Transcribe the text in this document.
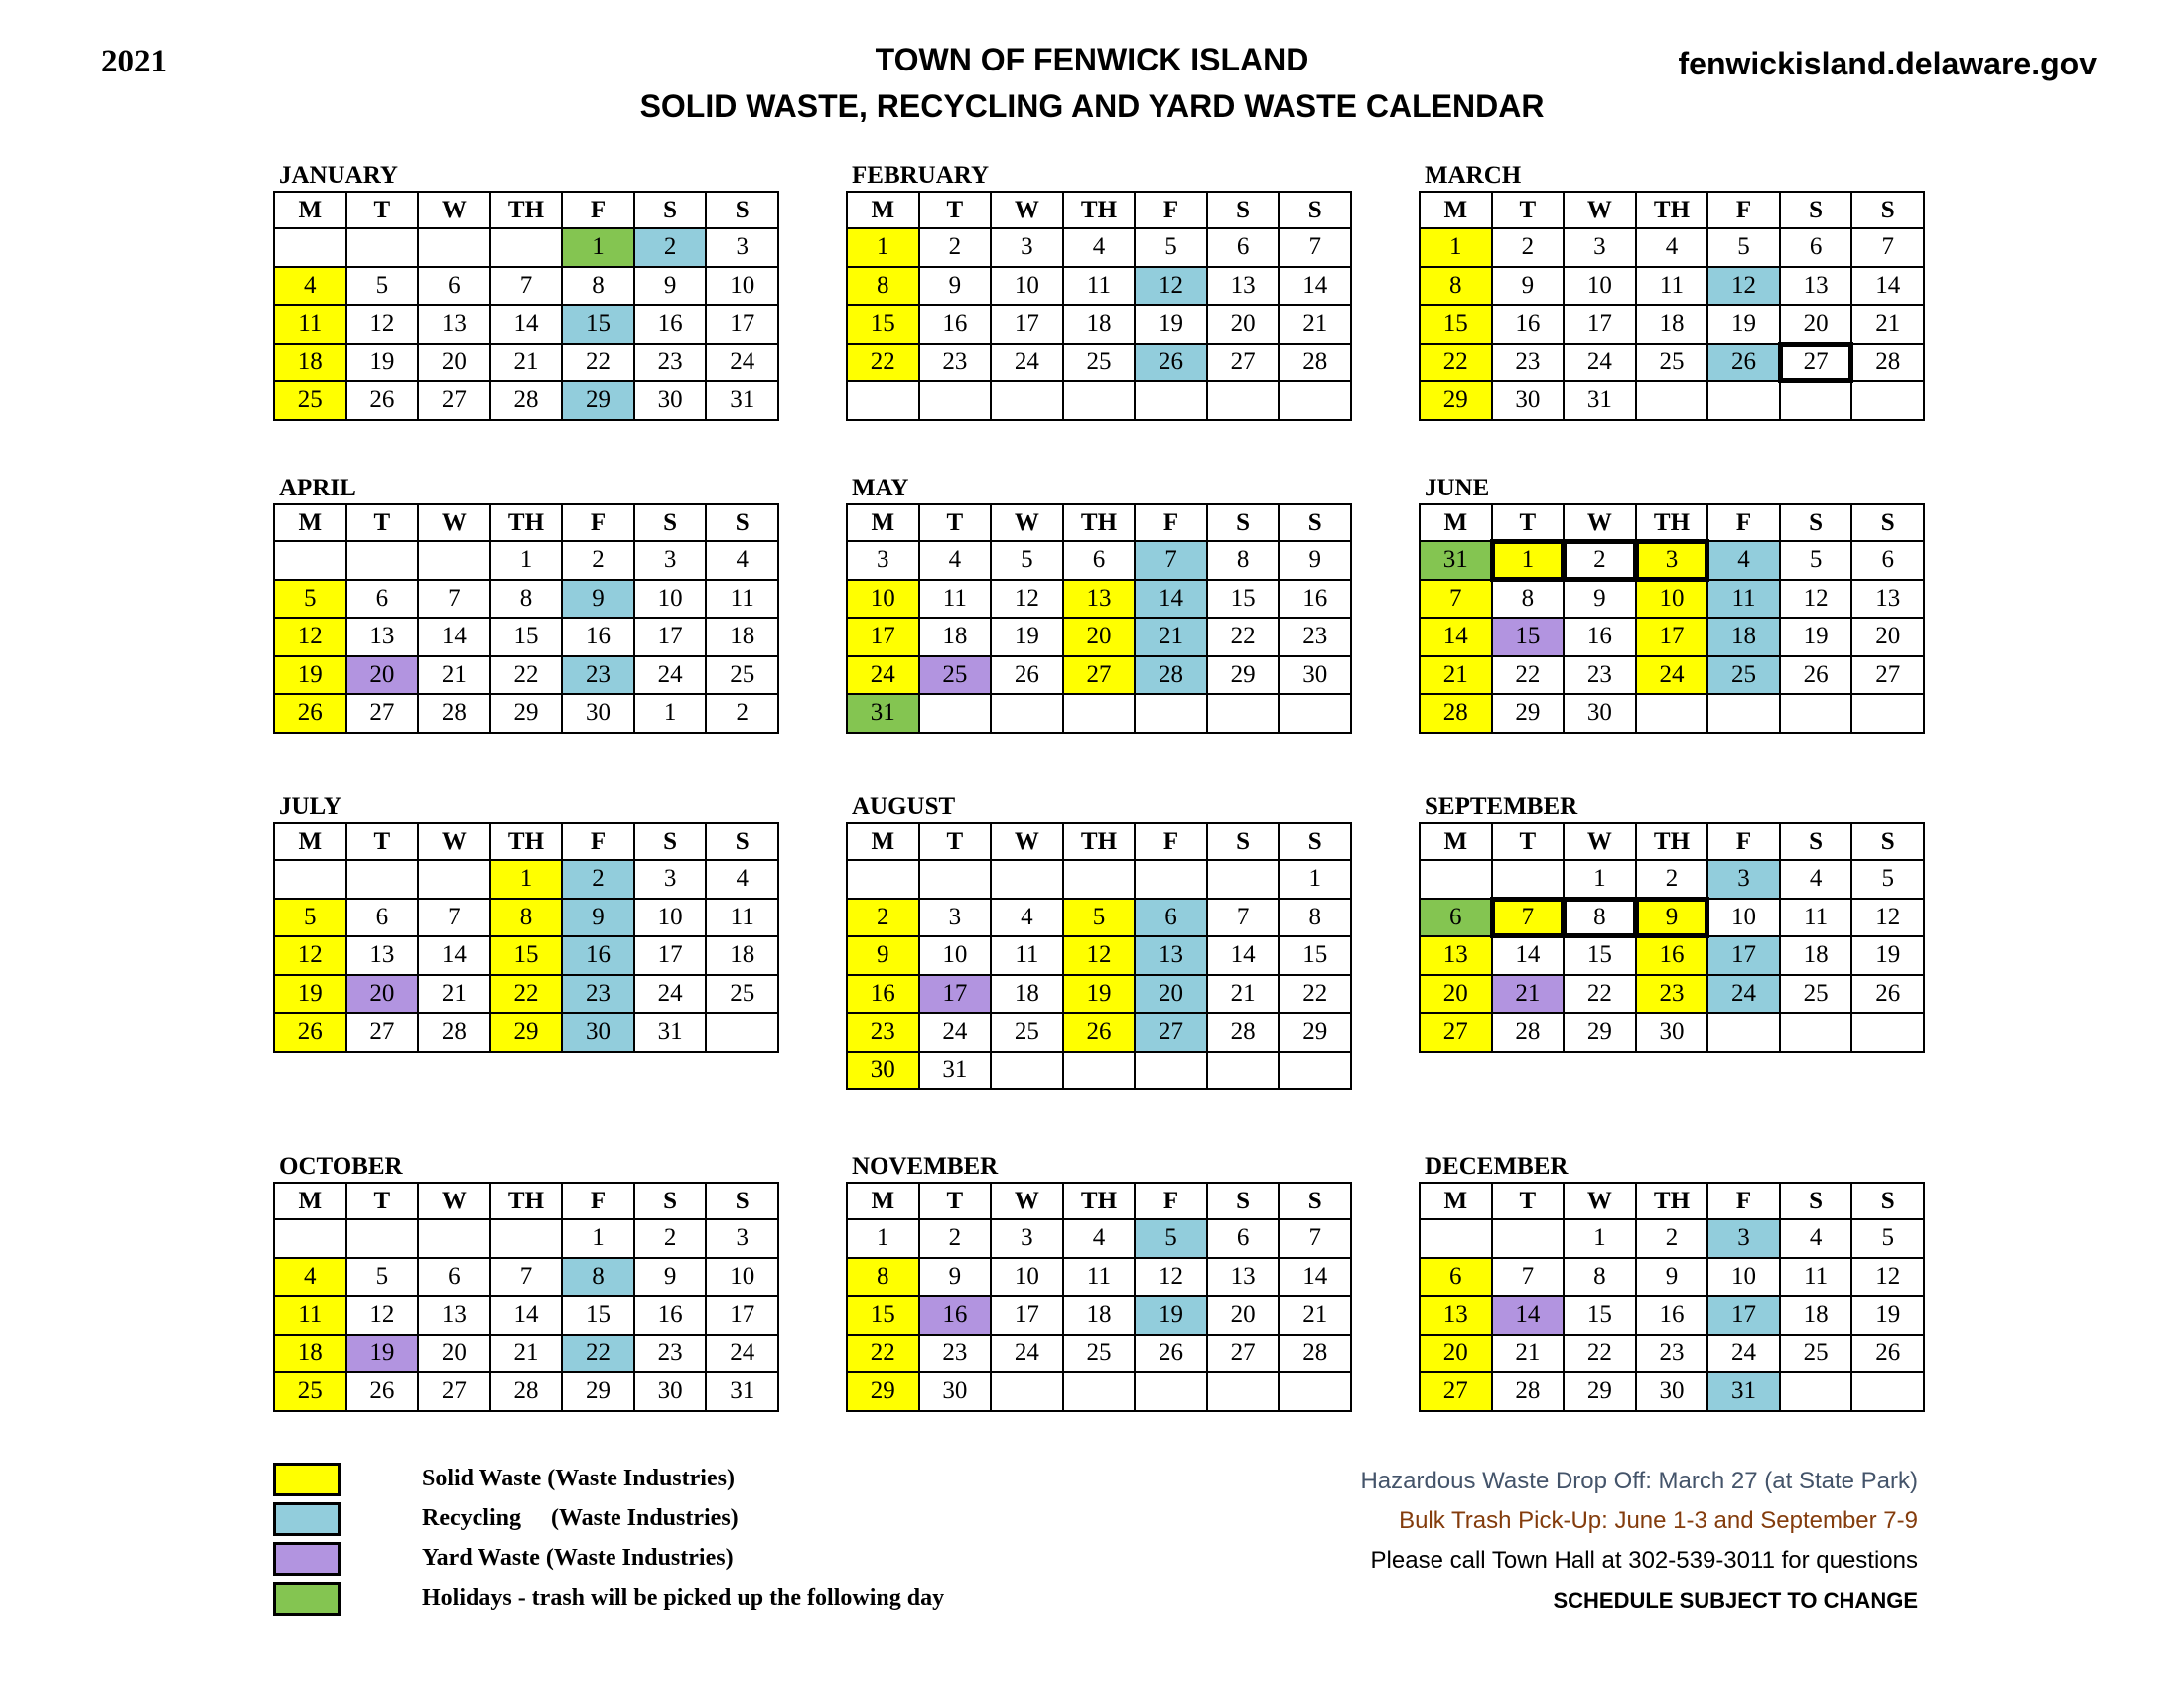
2021	TOWN OF FENWICK ISLAND
SOLID WASTE, RECYCLING AND YARD WASTE CALENDAR
fenwickisland.delaware.gov
JANUARY
M	T	W	TH	F	S	S
				1	2	3
4	5	6	7	8	9	10
11	12	13	14	15	16	17
18	19	20	21	22	23	24
25	26	27	28	29	30	31
FEBRUARY
M	T	W	TH	F	S	S
1	2	3	4	5	6	7
8	9	10	11	12	13	14
15	16	17	18	19	20	21
22	23	24	25	26	27	28

MARCH
M	T	W	TH	F	S	S
1	2	3	4	5	6	7
8	9	10	11	12	13	14
15	16	17	18	19	20	21
22	23	24	25	26	27	28
29	30	31				
APRIL
M	T	W	TH	F	S	S
			1	2	3	4
5	6	7	8	9	10	11
12	13	14	15	16	17	18
19	20	21	22	23	24	25
26	27	28	29	30	1	2
MAY
M	T	W	TH	F	S	S
3	4	5	6	7	8	9
10	11	12	13	14	15	16
17	18	19	20	21	22	23
24	25	26	27	28	29	30
31						
JUNE
M	T	W	TH	F	S	S
31	1	2	3	4	5	6
7	8	9	10	11	12	13
14	15	16	17	18	19	20
21	22	23	24	25	26	27
28	29	30				
JULY
M	T	W	TH	F	S	S
			1	2	3	4
5	6	7	8	9	10	11
12	13	14	15	16	17	18
19	20	21	22	23	24	25
26	27	28	29	30	31	
AUGUST
M	T	W	TH	F	S	S
						1
2	3	4	5	6	7	8
9	10	11	12	13	14	15
16	17	18	19	20	21	22
23	24	25	26	27	28	29
30	31					
SEPTEMBER
M	T	W	TH	F	S	S
		1	2	3	4	5
6	7	8	9	10	11	12
13	14	15	16	17	18	19
20	21	22	23	24	25	26
27	28	29	30			
OCTOBER
M	T	W	TH	F	S	S
				1	2	3
4	5	6	7	8	9	10
11	12	13	14	15	16	17
18	19	20	21	22	23	24
25	26	27	28	29	30	31
NOVEMBER
M	T	W	TH	F	S	S
1	2	3	4	5	6	7
8	9	10	11	12	13	14
15	16	17	18	19	20	21
22	23	24	25	26	27	28
29	30					
DECEMBER
M	T	W	TH	F	S	S
		1	2	3	4	5
6	7	8	9	10	11	12
13	14	15	16	17	18	19
20	21	22	23	24	25	26
27	28	29	30	31		
Solid Waste (Waste Industries)
Recycling     (Waste Industries)
Yard Waste (Waste Industries)
Holidays - trash will be picked up the following day
Hazardous Waste Drop Off: March 27 (at State Park)
Bulk Trash Pick-Up: June 1-3 and September 7-9
Please call Town Hall at 302-539-3011 for questions
SCHEDULE SUBJECT TO CHANGE
